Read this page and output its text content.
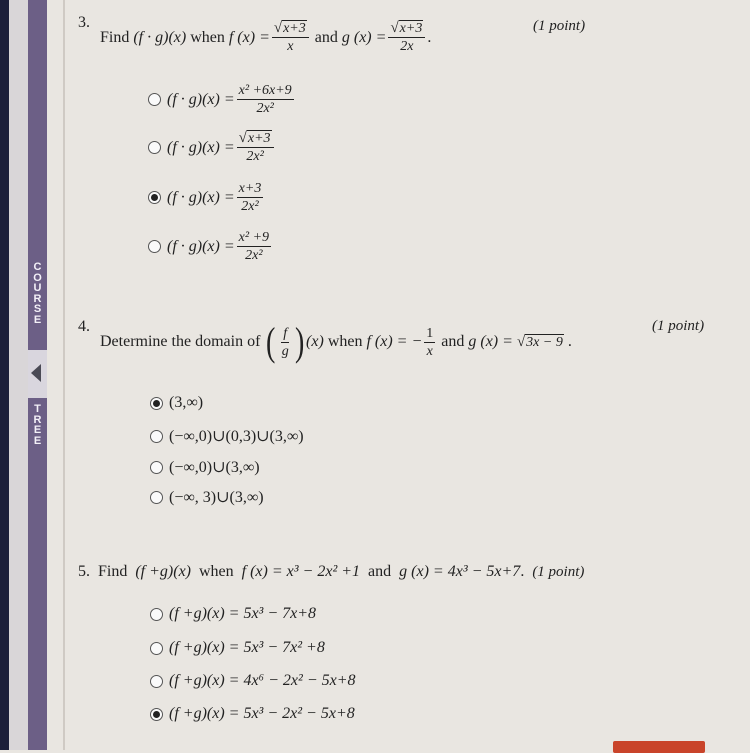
C
O
U
R
S
E
T
R
E
E
3.
Find
(f · g)(x)
when
f $(x) = \frac{√ x+3}{x}$
and
g $(x) = \frac{√ x+3}{2x}$ .
(1 point)
$(f \cdot g)(x) = \frac{\text{x² +6x+9}}{\text{2x²}}$
$(f \cdot g)(x) = \frac{√ x+3}{\text{2x²}}$
$(f \cdot g)(x) = \frac{x+3}{\text{2x²}}$
$(f \cdot g)(x) = \frac{\text{x² +9}}{\text{2x²}}$
4.
Determine the domain of
( $\frac{f}{g}$ ) (x)
when
f (x) = − $\frac{1}{x}$
and
g (x) =
√ 3x − 9 .
(1 point)
(3,∞)
(−∞,0)∪(0,3)∪(3,∞)
(−∞,0)∪(3,∞)
(−∞, 3)∪(3,∞)
5. Find (f +g)(x) when f (x) = x³ − 2x² +1 and g (x) = 4x³ − 5x+7.  (1 point)
(f +g)(x) = 5x³ − 7x+8
(f +g)(x) = 5x³ − 7x² +8
(f +g)(x) = 4x⁶ − 2x² − 5x+8
(f +g)(x) = 5x³ − 2x² − 5x+8
